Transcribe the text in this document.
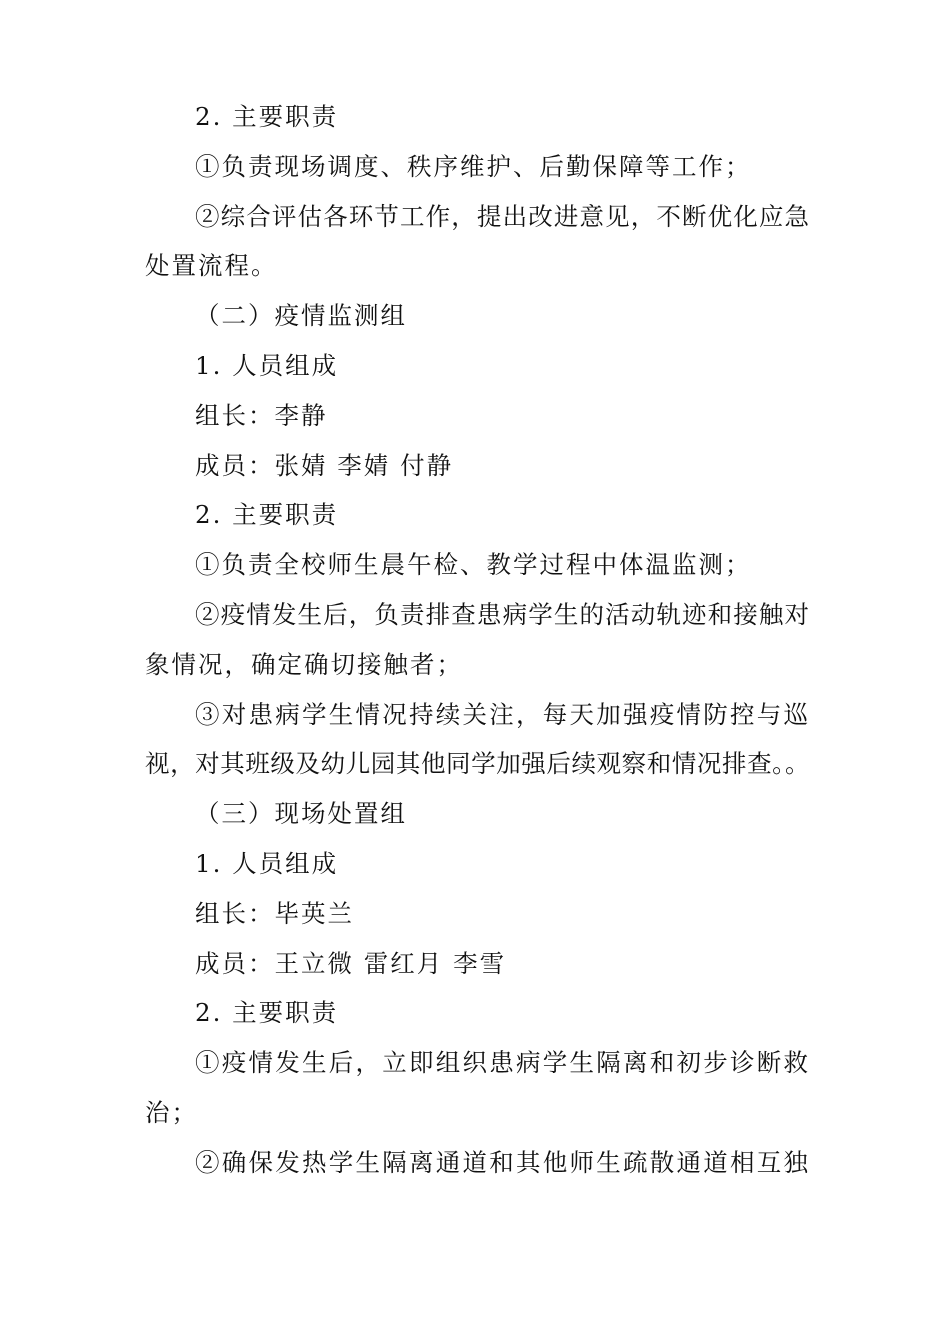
2. 主要职责
①负责现场调度、秩序维护、后勤保障等工作；
②综合评估各环节工作，提出改进意见，不断优化应急
处置流程。
（二）疫情监测组
1. 人员组成
组长：李静
成员：张婧 李婧 付静
2. 主要职责
①负责全校师生晨午检、教学过程中体温监测；
②疫情发生后，负责排查患病学生的活动轨迹和接触对
象情况，确定确切接触者；
③对患病学生情况持续关注，每天加强疫情防控与巡
视，对其班级及幼儿园其他同学加强后续观察和情况排查。。
（三）现场处置组
1. 人员组成
组长：毕英兰
成员：王立微 雷红月 李雪
2. 主要职责
①疫情发生后，立即组织患病学生隔离和初步诊断救
治；
②确保发热学生隔离通道和其他师生疏散通道相互独
